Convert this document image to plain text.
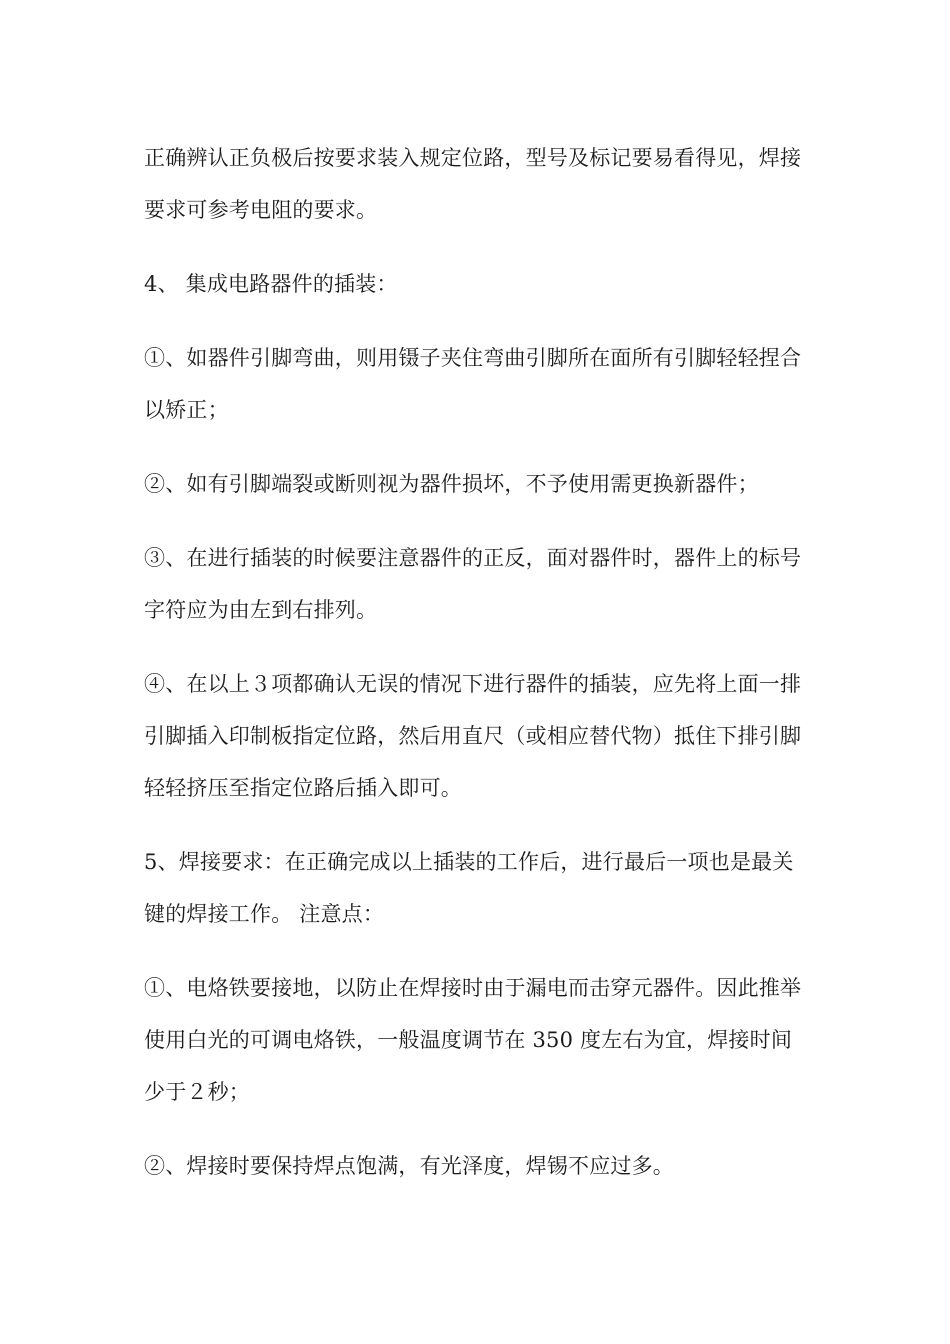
正确辨认正负极后按要求装入规定位路，型号及标记要易看得见，焊接要求可参考电阻的要求。

4、 集成电路器件的插装：

①、如器件引脚弯曲，则用镊子夹住弯曲引脚所在面所有引脚轻轻捏合以矫正；

②、如有引脚端裂或断则视为器件损坏，不予使用需更换新器件；

③、在进行插装的时候要注意器件的正反，面对器件时，器件上的标号字符应为由左到右排列。

④、在以上３项都确认无误的情况下进行器件的插装，应先将上面一排引脚插入印制板指定位路，然后用直尺（或相应替代物）抵住下排引脚轻轻挤压至指定位路后插入即可。

5、焊接要求：在正确完成以上插装的工作后，进行最后一项也是最关键的焊接工作。 注意点：

①、电烙铁要接地，以防止在焊接时由于漏电而击穿元器件。因此推举使用白光的可调电烙铁，一般温度调节在 350 度左右为宜，焊接时间少于２秒；

②、焊接时要保持焊点饱满，有光泽度，焊锡不应过多。
